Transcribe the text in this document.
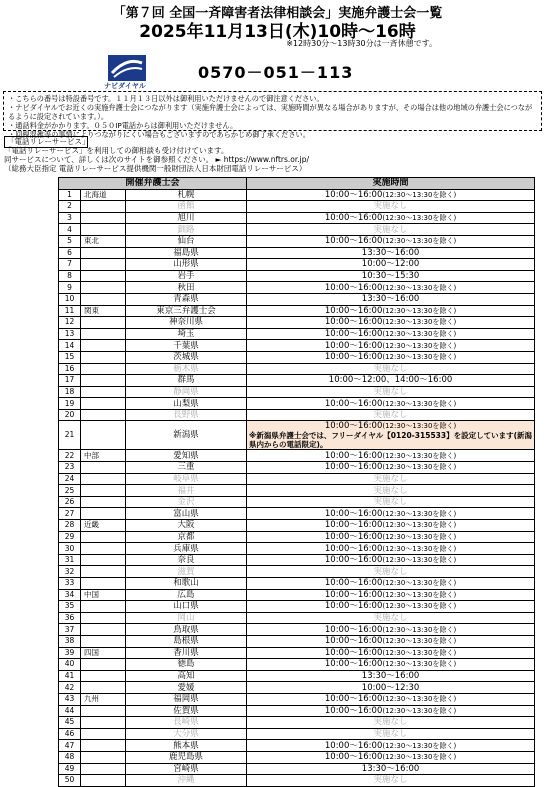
「第７回 全国一斉障害者法律相談会」実施弁護士会一覧
2025年11月13日(木)10時〜16時
※12時30分〜13時30分は一斉休憩です。
ナビダイヤル
0570－051－113
・こちらの番号は特設番号です。１１月１３日以外は御利用いただけませんので御注意ください。
・ナビダイヤルでお近くの実施弁護士会につながります（実施弁護士会によっては、実施時間が異なる場合がありますが、その場合は他の地域の弁護士会につながるように設定されています。）。
・通話料金がかかります。０５０IP電話からは御利用いただけません。
・回線混雑等の事情によりつながりにくい場合もございますのであらかじめ御了承ください。
「電話リレーサービス」
「電話リレーサービス」を利用しての御相談も受け付けています。
同サービスについて、詳しくは次のサイトを御参照ください。 ► https://www.nftrs.or.jp/
（総務大臣指定 電話リレーサービス提供機関一般財団法人日本財団電話リレーサービス）
開催弁護士会			実施時間
1	北海道	札幌	10:00〜16:00(12:30〜13:30を除く)

2		函館	実施なし

3		旭川	10:00〜16:00(12:30〜13:30を除く)

4		釧路	実施なし

5	東北	仙台	10:00〜16:00(12:30〜13:30を除く)

6		福島県	13:30〜16:00

7		山形県	10:00〜12:00

8		岩手	10:30〜15:30

9		秋田	10:00〜16:00(12:30〜13:30を除く)

10		青森県	13:30〜16:00

11	関東	東京三弁護士会	10:00〜16:00(12:30〜13:30を除く)

12		神奈川県	10:00〜16:00(12:30〜13:30を除く)

13		埼玉	10:00〜16:00(12:30〜13:30を除く)

14		千葉県	10:00〜16:00(12:30〜13:30を除く)

15		茨城県	10:00〜16:00(12:30〜13:30を除く)

16		栃木県	実施なし

17		群馬	10:00〜12:00、14:00〜16:00

18		静岡県	実施なし

19		山梨県	10:00〜16:00(12:30〜13:30を除く)

20		長野県	実施なし

21		新潟県	10:00〜16:00(12:30〜13:30を除く)
※新潟県弁護士会では、フリーダイヤル【0120-315533】を設定しています(新潟県内からの電話限定)。

22	中部	愛知県	10:00〜16:00(12:30〜13:30を除く)

23		三重	10:00〜16:00(12:30〜13:30を除く)

24		岐阜県	実施なし

25		福井	実施なし

26		金沢	実施なし

27		富山県	10:00〜16:00(12:30〜13:30を除く)

28	近畿	大阪	10:00〜16:00(12:30〜13:30を除く)

29		京都	10:00〜16:00(12:30〜13:30を除く)

30		兵庫県	10:00〜16:00(12:30〜13:30を除く)

31		奈良	10:00〜16:00(12:30〜13:30を除く)

32		滋賀	実施なし

33		和歌山	10:00〜16:00(12:30〜13:30を除く)

34	中国	広島	10:00〜16:00(12:30〜13:30を除く)

35		山口県	10:00〜16:00(12:30〜13:30を除く)

36		岡山	実施なし

37		鳥取県	10:00〜16:00(12:30〜13:30を除く)

38		島根県	10:00〜16:00(12:30〜13:30を除く)

39	四国	香川県	10:00〜16:00(12:30〜13:30を除く)

40		徳島	10:00〜16:00(12:30〜13:30を除く)

41		高知	13:30〜16:00

42		愛媛	10:00〜12:30

43	九州	福岡県	10:00〜16:00(12:30〜13:30を除く)

44		佐賀県	10:00〜16:00(12:30〜13:30を除く)

45		長崎県	実施なし

46		大分県	実施なし

47		熊本県	10:00〜16:00(12:30〜13:30を除く)

48		鹿児島県	10:00〜16:00(12:30〜13:30を除く)

49		宮崎県	13:30〜16:00

50		沖縄	実施なし
